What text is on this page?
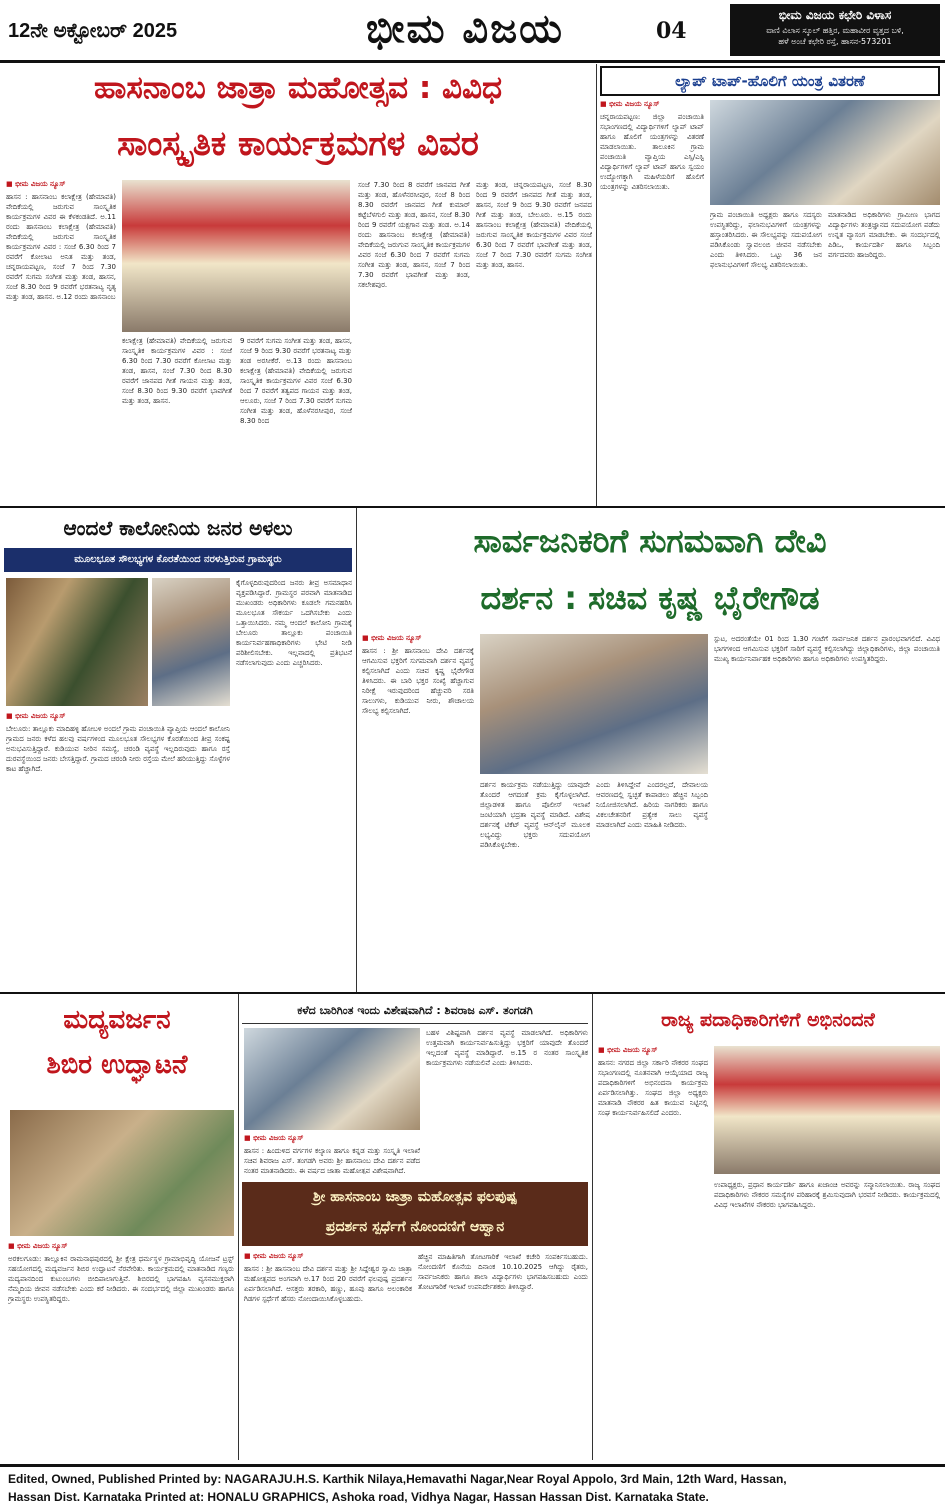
12ನೇ ಅಕ್ಟೋಬರ್ 2025	ಭೀಮ ವಿಜಯ	04
ಭೀಮ ವಿಜಯ ಕಛೇರಿ ವಿಳಾಸ
ವಾಣಿ ವಿಲಾಸ ಸ್ಕೂಲ್ ಹತ್ತಿರ, ಮಹಾವೀರ ವೃತ್ತದ ಬಳಿ,
ಹಳೆ ಅಂಚೆ ಕಛೇರಿ ರಸ್ತೆ, ಹಾಸನ-573201
ಹಾಸನಾಂಬ ಜಾತ್ರಾ ಮಹೋತ್ಸವ : ವಿವಿಧ
ಸಾಂಸ್ಕೃತಿಕ ಕಾರ್ಯಕ್ರಮಗಳ ವಿವರ
■ ಭೀಮ ವಿಜಯ ನ್ಯೂಸ್
ಹಾಸನ : ಹಾಸನಾಂಬ ಕಲಾಕ್ಷೇತ್ರ (ಹೇಮಾವತಿ) ವೇದಿಕೆಯಲ್ಲಿ ಜರುಗುವ ಸಾಂಸ್ಕೃತಿಕ ಕಾರ್ಯಕ್ರಮಗಳ ವಿವರ ಈ ಕೆಳಕಂಡತಿದೆ. ಅ.11 ರಂದು ಹಾಸನಾಂಬ ಕಲಾಕ್ಷೇತ್ರ (ಹೇಮಾವತಿ) ವೇದಿಕೆಯಲ್ಲಿ ಜರುಗುವ ಸಾಂಸ್ಕೃತಿಕ ಕಾರ್ಯಕ್ರಮಗಳ ವಿವರ : ಸಂಜೆ 6.30 ರಿಂದ 7 ರವರೆಗೆ ಕೋಲಾಟ ಅನಿತ ಮತ್ತು ತಂಡ, ಚನ್ನರಾಯಪಟ್ಟಣ, ಸಂಜೆ 7 ರಿಂದ 7.30 ರವರೆಗೆ ಸುಗಮ ಸಂಗೀತ ಮತ್ತು ತಂಡ, ಹಾಸನ, ಸಂಜೆ 8.30 ರಿಂದ 9 ರವರೆಗೆ ಭರತನಾಟ್ಯ ನೃತ್ಯ ಮತ್ತು ತಂಡ, ಹಾಸನ. ಅ.12 ರಂದು ಹಾಸನಾಂಬ
ಕಲಾಕ್ಷೇತ್ರ (ಹೇಮಾವತಿ) ವೇದಿಕೆಯಲ್ಲಿ ಜರುಗುವ ಸಾಂಸ್ಕೃತಿಕ ಕಾರ್ಯಕ್ರಮಗಳ ವಿವರ : ಸಂಜೆ 6.30 ರಿಂದ 7.30 ರವರೆಗೆ ಕೋಲಾಟ ಮತ್ತು ತಂಡ, ಹಾಸನ, ಸಂಜೆ 7.30 ರಿಂದ 8.30 ರವರೆಗೆ ಜಾನಪದ ಗೀತೆ ಗಾಯನ ಮತ್ತು ತಂಡ, ಸಂಜೆ 8.30 ರಿಂದ 9.30 ರವರೆಗೆ ಭಾವಗೀತೆ ಮತ್ತು ತಂಡ, ಹಾಸನ.
9 ರವರೆಗೆ ಸುಗಮ ಸಂಗೀತ ಮತ್ತು ತಂಡ, ಹಾಸನ, ಸಂಜೆ 9 ರಿಂದ 9.30 ರವರೆಗೆ ಭರತನಾಟ್ಯ ಮತ್ತು ತಂಡ ಅರಸೀಕೆರೆ. ಅ.13 ರಂದು ಹಾಸನಾಂಬ ಕಲಾಕ್ಷೇತ್ರ (ಹೇಮಾವತಿ) ವೇದಿಕೆಯಲ್ಲಿ ಜರುಗುವ ಸಾಂಸ್ಕೃತಿಕ ಕಾರ್ಯಕ್ರಮಗಳ ವಿವರ ಸಂಜೆ 6.30 ರಿಂದ 7 ರವರೆಗೆ ತತ್ವಪದ ಗಾಯನ ಮತ್ತು ತಂಡ, ಆಲೂರು, ಸಂಜೆ 7 ರಿಂದ 7.30 ರವರೆಗೆ ಸುಗಮ ಸಂಗೀತ ಮತ್ತು ತಂಡ, ಹೊಳೆನರಸೀಪುರ, ಸಂಜೆ 8.30 ರಿಂದ
ಸಂಜೆ 7.30 ರಿಂದ 8 ರವರೆಗೆ ಜಾನಪದ ಗೀತೆ ಮತ್ತು ತಂಡ, ಹೊಳೆನರಸೀಪುರ, ಸಂಜೆ 8 ರಿಂದ 8.30 ರವರೆಗೆ ಜಾನಪದ ಗೀತೆ ಕುಮಾರ್ ಕಟ್ಟೆಬೆಳಗುಲಿ ಮತ್ತು ತಂಡ, ಹಾಸನ, ಸಂಜೆ 8.30 ರಿಂದ 9 ರವರೆಗೆ ಯಕ್ಷಗಾನ ಮತ್ತು ತಂಡ. ಅ.14 ರಂದು ಹಾಸನಾಂಬ ಕಲಾಕ್ಷೇತ್ರ (ಹೇಮಾವತಿ) ವೇದಿಕೆಯಲ್ಲಿ ಜರುಗುವ ಸಾಂಸ್ಕೃತಿಕ ಕಾರ್ಯಕ್ರಮಗಳ ವಿವರ ಸಂಜೆ 6.30 ರಿಂದ 7 ರವರೆಗೆ ಸುಗಮ ಸಂಗೀತ ಮತ್ತು ತಂಡ, ಹಾಸನ, ಸಂಜೆ 7 ರಿಂದ 7.30 ರವರೆಗೆ ಭಾವಗೀತೆ ಮತ್ತು ತಂಡ, ಸಕಲೇಶಪುರ.
ಮತ್ತು ತಂಡ, ಚನ್ನರಾಯಪಟ್ಟಣ, ಸಂಜೆ 8.30 ರಿಂದ 9 ರವರೆಗೆ ಜಾನಪದ ಗೀತೆ ಮತ್ತು ತಂಡ, ಹಾಸನ, ಸಂಜೆ 9 ರಿಂದ 9.30 ರವರೆಗೆ ಜನಪದ ಗೀತೆ ಮತ್ತು ತಂಡ, ಬೇಲೂರು. ಅ.15 ರಂದು ಹಾಸನಾಂಬ ಕಲಾಕ್ಷೇತ್ರ (ಹೇಮಾವತಿ) ವೇದಿಕೆಯಲ್ಲಿ ಜರುಗುವ ಸಾಂಸ್ಕೃತಿಕ ಕಾರ್ಯಕ್ರಮಗಳ ವಿವರ ಸಂಜೆ 6.30 ರಿಂದ 7 ರವರೆಗೆ ಭಾವಗೀತೆ ಮತ್ತು ತಂಡ, ಸಂಜೆ 7 ರಿಂದ 7.30 ರವರೆಗೆ ಸುಗಮ ಸಂಗೀತ ಮತ್ತು ತಂಡ, ಹಾಸನ.
ಲ್ಯಾಪ್ ಟಾಪ್-ಹೊಲಿಗೆ ಯಂತ್ರ ವಿತರಣೆ
■ ಭೀಮ ವಿಜಯ ನ್ಯೂಸ್
ಚನ್ನರಾಯಪಟ್ಟಣ: ಜಿಲ್ಲಾ ಪಂಚಾಯಿತಿ ಸಭಾಂಗಣದಲ್ಲಿ ವಿದ್ಯಾರ್ಥಿಗಳಿಗೆ ಲ್ಯಾಪ್ ಟಾಪ್ ಹಾಗೂ ಹೊಲಿಗೆ ಯಂತ್ರಗಳನ್ನು ವಿತರಣೆ ಮಾಡಲಾಯಿತು. ತಾಲೂಕಿನ ಗ್ರಾಮ ಪಂಚಾಯಿತಿ ವ್ಯಾಪ್ತಿಯ ಎಸ್ಸಿ/ಎಸ್ಟಿ ವಿದ್ಯಾರ್ಥಿಗಳಿಗೆ ಲ್ಯಾಪ್ ಟಾಪ್ ಹಾಗೂ ಸ್ವಯಂ ಉದ್ಯೋಗಕ್ಕಾಗಿ ಮಹಿಳೆಯರಿಗೆ ಹೊಲಿಗೆ ಯಂತ್ರಗಳನ್ನು ವಿತರಿಸಲಾಯಿತು.
ಗ್ರಾಮ ಪಂಚಾಯಿತಿ ಅಧ್ಯಕ್ಷರು ಹಾಗೂ ಸದಸ್ಯರು ಉಪಸ್ಥಿತರಿದ್ದು, ಫಲಾನುಭವಿಗಳಿಗೆ ಯಂತ್ರಗಳನ್ನು ಹಸ್ತಾಂತರಿಸಿದರು. ಈ ಸೌಲಭ್ಯವನ್ನು ಸದುಪಯೋಗ ಪಡಿಸಿಕೊಂಡು ಸ್ವಾವಲಂಬಿ ಜೀವನ ನಡೆಸಬೇಕು ಎಂದು ತಿಳಿಸಿದರು. ಒಟ್ಟು 36 ಜನ ಫಲಾನುಭವಿಗಳಿಗೆ ಸೌಲಭ್ಯ ವಿತರಿಸಲಾಯಿತು.
ಮಾತನಾಡಿದ ಅಧಿಕಾರಿಗಳು ಗ್ರಾಮೀಣ ಭಾಗದ ವಿದ್ಯಾರ್ಥಿಗಳು ತಂತ್ರಜ್ಞಾನದ ಸದುಪಯೋಗ ಪಡೆದು ಉನ್ನತ ವ್ಯಾಸಂಗ ಮಾಡಬೇಕು. ಈ ಸಂದರ್ಭದಲ್ಲಿ ಪಿಡಿಒ, ಕಾರ್ಯದರ್ಶಿ ಹಾಗೂ ಸಿಬ್ಬಂದಿ ವರ್ಗದವರು ಹಾಜರಿದ್ದರು.
ಆಂದಲೆ ಕಾಲೋನಿಯ ಜನರ ಅಳಲು
ಮೂಲಭೂತ ಸೌಲಭ್ಯಗಳ ಕೊರತೆಯಿಂದ ನರಳುತ್ತಿರುವ ಗ್ರಾಮಸ್ಥರು
■ ಭೀಮ ವಿಜಯ ನ್ಯೂಸ್
ಬೇಲೂರು: ತಾಲ್ಲೂಕು ಮಾದಿಹಳ್ಳಿ ಹೋಬಳಿ ಅಂದಲೆ ಗ್ರಾಮ ಪಂಚಾಯಿತಿ ವ್ಯಾಪ್ತಿಯ ಆಂದಲೆ ಕಾಲೋನಿ ಗ್ರಾಮದ ಜನರು ಕಳೆದ ಹಲವು ವರ್ಷಗಳಿಂದ ಮೂಲಭೂತ ಸೌಲಭ್ಯಗಳ ಕೊರತೆಯಿಂದ ತೀವ್ರ ಸಂಕಷ್ಟ ಅನುಭವಿಸುತ್ತಿದ್ದಾರೆ. ಕುಡಿಯುವ ನೀರಿನ ಸಮಸ್ಯೆ, ಚರಂಡಿ ವ್ಯವಸ್ಥೆ ಇಲ್ಲದಿರುವುದು ಹಾಗೂ ರಸ್ತೆ ದುರವಸ್ಥೆಯಿಂದ ಜನರು ಬೇಸತ್ತಿದ್ದಾರೆ. ಗ್ರಾಮದ ಚರಂಡಿ ನೀರು ರಸ್ತೆಯ ಮೇಲೆ ಹರಿಯುತ್ತಿದ್ದು ಸೊಳ್ಳೆಗಳ ಕಾಟ ಹೆಚ್ಚಾಗಿದೆ.
ಕೈಗೊಳ್ಳದಿರುವುದರಿಂದ ಜನರು ತೀವ್ರ ಅಸಮಾಧಾನ ವ್ಯಕ್ತಪಡಿಸಿದ್ದಾರೆ. ಗ್ರಾಮಸ್ಥರ ಪರವಾಗಿ ಮಾತನಾಡಿದ ಮುಖಂಡರು ಅಧಿಕಾರಿಗಳು ಕೂಡಲೇ ಗಮನಹರಿಸಿ ಮೂಲಭೂತ ಸೌಕರ್ಯ ಒದಗಿಸಬೇಕು ಎಂದು ಒತ್ತಾಯಿಸಿದರು. ನಮ್ಮ ಆಂದಲೆ ಕಾಲೋನಿ ಗ್ರಾಮಕ್ಕೆ ಬೇಲೂರು ತಾಲ್ಲೂಕು ಪಂಚಾಯಿತಿ ಕಾರ್ಯನಿರ್ವಹಣಾಧಿಕಾರಿಗಳು ಭೇಟಿ ನೀಡಿ ಪರಿಶೀಲಿಸಬೇಕು. ಇಲ್ಲವಾದಲ್ಲಿ ಪ್ರತಿಭಟನೆ ನಡೆಸಲಾಗುವುದು ಎಂದು ಎಚ್ಚರಿಸಿದರು.
ಸಾರ್ವಜನಿಕರಿಗೆ ಸುಗಮವಾಗಿ ದೇವಿ
ದರ್ಶನ : ಸಚಿವ ಕೃಷ್ಣ ಭೈರೇಗೌಡ
■ ಭೀಮ ವಿಜಯ ನ್ಯೂಸ್
ಹಾಸನ : ಶ್ರೀ ಹಾಸನಾಂಬ ದೇವಿ ದರ್ಶನಕ್ಕೆ ಆಗಮಿಸುವ ಭಕ್ತರಿಗೆ ಸುಗಮವಾಗಿ ದರ್ಶನ ವ್ಯವಸ್ಥೆ ಕಲ್ಪಿಸಲಾಗಿದೆ ಎಂದು ಸಚಿವ ಕೃಷ್ಣ ಭೈರೇಗೌಡ ತಿಳಿಸಿದರು. ಈ ಬಾರಿ ಭಕ್ತರ ಸಂಖ್ಯೆ ಹೆಚ್ಚಾಗುವ ನಿರೀಕ್ಷೆ ಇರುವುದರಿಂದ ಹೆಚ್ಚುವರಿ ಸರತಿ ಸಾಲುಗಳು, ಕುಡಿಯುವ ನೀರು, ಶೌಚಾಲಯ ಸೌಲಭ್ಯ ಕಲ್ಪಿಸಲಾಗಿದೆ.
ದರ್ಶನ ಕಾರ್ಯಕ್ರಮ ನಡೆಯುತ್ತಿದ್ದು ಯಾವುದೇ ತೊಂದರೆ ಆಗದಂತೆ ಕ್ರಮ ಕೈಗೊಳ್ಳಲಾಗಿದೆ. ಜಿಲ್ಲಾಡಳಿತ ಹಾಗೂ ಪೊಲೀಸ್ ಇಲಾಖೆ ಜಂಟಿಯಾಗಿ ಭದ್ರತಾ ವ್ಯವಸ್ಥೆ ಮಾಡಿದೆ. ವಿಶೇಷ ದರ್ಶನಕ್ಕೆ ಟಿಕೆಟ್ ವ್ಯವಸ್ಥೆ ಆನ್‌ಲೈನ್ ಮೂಲಕ ಲಭ್ಯವಿದ್ದು ಭಕ್ತರು ಸದುಪಯೋಗ ಪಡಿಸಿಕೊಳ್ಳಬೇಕು.
ಎಂದು ತಿಳಿಸಿದ್ದೇವೆ ಎಂದರಲ್ಲದೆ, ದೇವಾಲಯ ಆವರಣದಲ್ಲಿ ಸ್ವಚ್ಛತೆ ಕಾಪಾಡಲು ಹೆಚ್ಚಿನ ಸಿಬ್ಬಂದಿ ನಿಯೋಜಿಸಲಾಗಿದೆ. ಹಿರಿಯ ನಾಗರಿಕರು ಹಾಗೂ ವಿಕಲಚೇತನರಿಗೆ ಪ್ರತ್ಯೇಕ ಸಾಲು ವ್ಯವಸ್ಥೆ ಮಾಡಲಾಗಿದೆ ಎಂದು ಮಾಹಿತಿ ನೀಡಿದರು.
ಸ್ಪುಟ, ಅದರಂತೆಯೇ 01 ರಿಂದ 1.30 ಗಂಟೆಗೆ ಸಾರ್ವಜನಿಕ ದರ್ಶನ ಪ್ರಾರಂಭವಾಗಲಿದೆ. ವಿವಿಧ ಭಾಗಗಳಿಂದ ಆಗಮಿಸುವ ಭಕ್ತರಿಗೆ ಸಾರಿಗೆ ವ್ಯವಸ್ಥೆ ಕಲ್ಪಿಸಲಾಗಿದ್ದು ಜಿಲ್ಲಾಧಿಕಾರಿಗಳು, ಜಿಲ್ಲಾ ಪಂಚಾಯಿತಿ ಮುಖ್ಯ ಕಾರ್ಯನಿರ್ವಾಹಕ ಅಧಿಕಾರಿಗಳು ಹಾಗೂ ಅಧಿಕಾರಿಗಳು ಉಪಸ್ಥಿತರಿದ್ದರು.
ಮದ್ಯವರ್ಜನ
ಶಿಬಿರ ಉದ್ಘಾಟನೆ
■ ಭೀಮ ವಿಜಯ ನ್ಯೂಸ್
ಅರಕಲಗೂಡು: ತಾಲ್ಲೂಕಿನ ರಾಮನಾಥಪುರದಲ್ಲಿ ಶ್ರೀ ಕ್ಷೇತ್ರ ಧರ್ಮಸ್ಥಳ ಗ್ರಾಮಾಭಿವೃದ್ಧಿ ಯೋಜನೆ ಟ್ರಸ್ಟ್ ಸಹಯೋಗದಲ್ಲಿ ಮದ್ಯವರ್ಜನ ಶಿಬಿರ ಉದ್ಘಾಟನೆ ನೆರವೇರಿತು. ಕಾರ್ಯಕ್ರಮದಲ್ಲಿ ಮಾತನಾಡಿದ ಗಣ್ಯರು ಮದ್ಯಪಾನದಿಂದ ಕುಟುಂಬಗಳು ಬೀದಿಪಾಲಾಗುತ್ತಿವೆ. ಶಿಬಿರದಲ್ಲಿ ಭಾಗವಹಿಸಿ ವ್ಯಸನಮುಕ್ತರಾಗಿ ನೆಮ್ಮದಿಯ ಜೀವನ ನಡೆಸಬೇಕು ಎಂದು ಕರೆ ನೀಡಿದರು. ಈ ಸಂದರ್ಭದಲ್ಲಿ ಜಿಲ್ಲಾ ಮುಖಂಡರು ಹಾಗೂ ಗ್ರಾಮಸ್ಥರು ಉಪಸ್ಥಿತರಿದ್ದರು.
ಕಳೆದ ಬಾರಿಗಿಂತ ಇಂದು ವಿಶೇಷವಾಗಿದೆ : ಶಿವರಾಜ ಎಸ್. ತಂಗಡಗಿ
■ ಭೀಮ ವಿಜಯ ನ್ಯೂಸ್
ಹಾಸನ : ಹಿಂದುಳಿದ ವರ್ಗಗಳ ಕಲ್ಯಾಣ ಹಾಗೂ ಕನ್ನಡ ಮತ್ತು ಸಂಸ್ಕೃತಿ ಇಲಾಖೆ ಸಚಿವ ಶಿವರಾಜ ಎಸ್. ತಂಗಡಗಿ ಅವರು ಶ್ರೀ ಹಾಸನಾಂಬ ದೇವಿ ದರ್ಶನ ಪಡೆದ ನಂತರ ಮಾತನಾಡಿದರು. ಈ ವರ್ಷದ ಜಾತ್ರಾ ಮಹೋತ್ಸವ ವಿಶೇಷವಾಗಿದೆ.
ಬಹಳ ವಿಶಿಷ್ಟವಾಗಿ ದರ್ಶನ ವ್ಯವಸ್ಥೆ ಮಾಡಲಾಗಿದೆ. ಅಧಿಕಾರಿಗಳು ಉತ್ತಮವಾಗಿ ಕಾರ್ಯನಿರ್ವಹಿಸುತ್ತಿದ್ದು ಭಕ್ತರಿಗೆ ಯಾವುದೇ ತೊಂದರೆ ಇಲ್ಲದಂತೆ ವ್ಯವಸ್ಥೆ ಮಾಡಿದ್ದಾರೆ. ಅ.15 ರ ನಂತರ ಸಾಂಸ್ಕೃತಿಕ ಕಾರ್ಯಕ್ರಮಗಳು ನಡೆಯಲಿವೆ ಎಂದು ತಿಳಿಸಿದರು.
ಶ್ರೀ ಹಾಸನಾಂಬ ಜಾತ್ರಾ ಮಹೋತ್ಸವ ಫಲಪುಷ್ಪ
ಪ್ರದರ್ಶನ ಸ್ಪರ್ಧೆಗೆ ನೋಂದಣಿಗೆ ಆಹ್ವಾನ
■ ಭೀಮ ವಿಜಯ ನ್ಯೂಸ್
ಹಾಸನ : ಶ್ರೀ ಹಾಸನಾಂಬ ದೇವಿ ದರ್ಶನ ಮತ್ತು ಶ್ರೀ ಸಿದ್ದೇಶ್ವರ ಸ್ವಾಮಿ ಜಾತ್ರಾ ಮಹೋತ್ಸವದ ಅಂಗವಾಗಿ ಅ.17 ರಿಂದ 20 ರವರೆಗೆ ಫಲಪುಷ್ಪ ಪ್ರದರ್ಶನ ಏರ್ಪಡಿಸಲಾಗಿದೆ. ಆಸಕ್ತರು ತರಕಾರಿ, ಹಣ್ಣು, ಹೂವು ಹಾಗೂ ಅಲಂಕಾರಿಕ ಗಿಡಗಳ ಸ್ಪರ್ಧೆಗೆ ಹೆಸರು ನೋಂದಾಯಿಸಿಕೊಳ್ಳಬಹುದು.
ಹೆಚ್ಚಿನ ಮಾಹಿತಿಗಾಗಿ ತೋಟಗಾರಿಕೆ ಇಲಾಖೆ ಕಚೇರಿ ಸಂಪರ್ಕಿಸಬಹುದು. ನೋಂದಣಿಗೆ ಕೊನೆಯ ದಿನಾಂಕ 10.10.2025 ಆಗಿದ್ದು ರೈತರು, ಸಾರ್ವಜನಿಕರು ಹಾಗೂ ಶಾಲಾ ವಿದ್ಯಾರ್ಥಿಗಳು ಭಾಗವಹಿಸಬಹುದು ಎಂದು ತೋಟಗಾರಿಕೆ ಇಲಾಖೆ ಉಪನಿರ್ದೇಶಕರು ತಿಳಿಸಿದ್ದಾರೆ.
ರಾಜ್ಯ ಪದಾಧಿಕಾರಿಗಳಿಗೆ ಅಭಿನಂದನೆ
■ ಭೀಮ ವಿಜಯ ನ್ಯೂಸ್
ಹಾಸನ: ನಗರದ ಜಿಲ್ಲಾ ಸರ್ಕಾರಿ ನೌಕರರ ಸಂಘದ ಸಭಾಂಗಣದಲ್ಲಿ ನೂತನವಾಗಿ ಆಯ್ಕೆಯಾದ ರಾಜ್ಯ ಪದಾಧಿಕಾರಿಗಳಿಗೆ ಅಭಿನಂದನಾ ಕಾರ್ಯಕ್ರಮ ಏರ್ಪಡಿಸಲಾಗಿತ್ತು. ಸಂಘದ ಜಿಲ್ಲಾ ಅಧ್ಯಕ್ಷರು ಮಾತನಾಡಿ ನೌಕರರ ಹಿತ ಕಾಯುವ ನಿಟ್ಟಿನಲ್ಲಿ ಸಂಘ ಕಾರ್ಯನಿರ್ವಹಿಸಲಿದೆ ಎಂದರು.
ಉಪಾಧ್ಯಕ್ಷರು, ಪ್ರಧಾನ ಕಾರ್ಯದರ್ಶಿ ಹಾಗೂ ಖಜಾಂಚಿ ಅವರನ್ನು ಸನ್ಮಾನಿಸಲಾಯಿತು. ರಾಜ್ಯ ಸಂಘದ ಪದಾಧಿಕಾರಿಗಳು ನೌಕರರ ಸಮಸ್ಯೆಗಳ ಪರಿಹಾರಕ್ಕೆ ಶ್ರಮಿಸುವುದಾಗಿ ಭರವಸೆ ನೀಡಿದರು. ಕಾರ್ಯಕ್ರಮದಲ್ಲಿ ವಿವಿಧ ಇಲಾಖೆಗಳ ನೌಕರರು ಭಾಗವಹಿಸಿದ್ದರು.
Edited, Owned, Published Printed by: NAGARAJU.H.S. Karthik Nilaya,Hemavathi Nagar,Near Royal Appolo, 3rd Main, 12th Ward, Hassan,
Hassan Dist. Karnataka Printed at: HONALU GRAPHICS, Ashoka road, Vidhya Nagar, Hassan Hassan Dist. Karnataka State.
